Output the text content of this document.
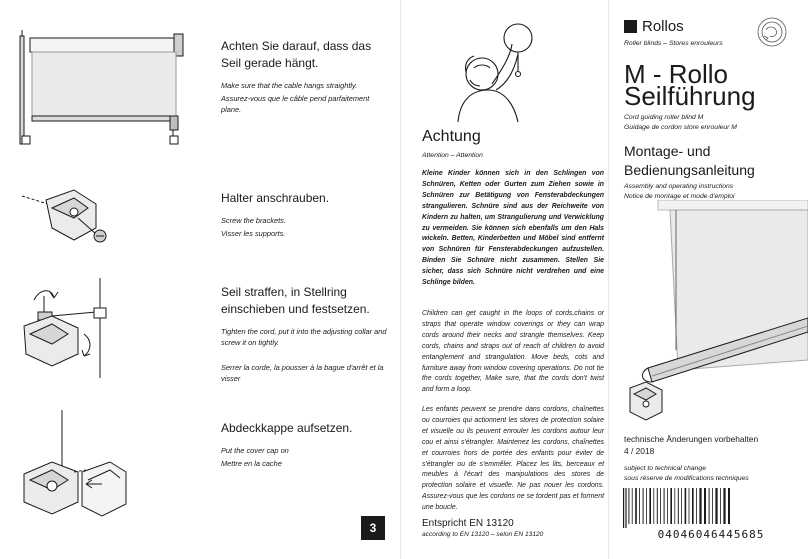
Achten Sie darauf, dass das Seil gerade hängt.

Make sure that the cable hangs straightly.

Assurez-vous que le câble pend parfaitement plane.

Halter anschrauben.

Screw the brackets.

Visser les supports.

Seil straffen, in Stellring einschieben und festsetzen.

Tighten the cord, put it into the adjusting collar and screw it on tightly.

Serrer la corde, la pousser à la bague d'arrêt et la visser

Abdeckkappe aufsetzen.

Put the cover cap on

Mettre en la cache

3
Achtung
Attention – Attention

Kleine Kinder können sich in den Schlingen von Schnüren, Ketten oder Gurten zum Ziehen sowie in Schnüren zur Betätigung von Fensterabdeckungen strangulieren. Schnüre sind aus der Reichweite von Kindern zu halten, um Strangulierung und Verwicklung zu vermeiden. Sie können sich ebenfalls um den Hals wickeln. Betten, Kinderbetten und Möbel sind entfernt von Schnüren für Fensterabdeckungen aufzustellen. Binden Sie Schnüre nicht zusammen. Stellen Sie sicher, dass sich Schnüre nicht verdrehen und eine Schlinge bilden.

Children can get caught in the loops of cords,chains or straps that operate window coverings or they can wrap cords around their necks and strangle themselves. Keep cords, chains and straps out of reach of children to avoid entanglement and strangulation. Move beds, cots and furniture away from window covering operations. Do not tie the cords together, Make sure, that the cords don't twist and form a loop.

Les enfants peuvent se prendre dans cordons, chaînettes ou courroies qui actionnent les stores de protection solaire et visuelle ou ils peuvent enrouler les cordons autour leur cou et ainsi s'étrangler. Maintenez les cordons, chaînettes et courroies hors de portée des enfants pour éviter de s'étrangler ou de s'emmêler. Placez les lits, berceaux et meubles à l'écart des manipulations des stores de protection solaire et visuelle. Ne pas nouer les cordons. Assurez-vous que les cordons ne se tordent pas et forment une boucle.

Entspricht EN 13120
according to EN 13120 – selon EN 13120
Rollos
Roller blinds – Stores enrouleurs
M - Rollo
Seilführung
Cord guiding roller blind M
Guidage de cordon store enrouleur M
Montage- und
Bedienungsanleitung
Assembly and operating instructions
Notice de montage et mode d'emploi
technische Änderungen vorbehalten
4 / 2018
subject to technical change
sous réserve de modifications techniques
04046046445685
